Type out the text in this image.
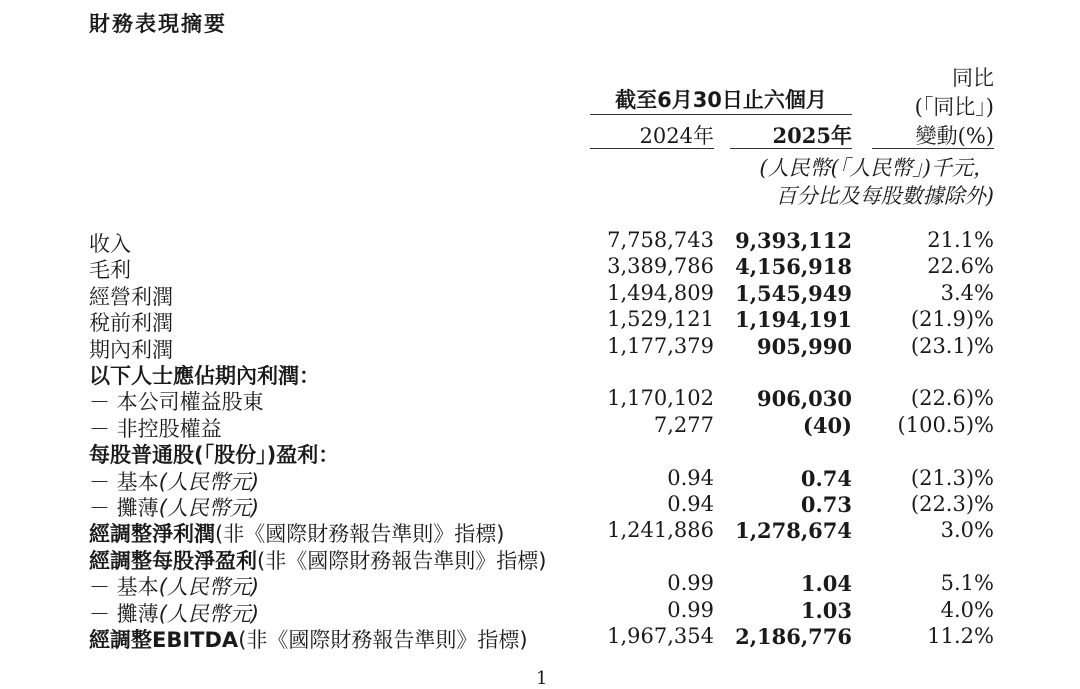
財務表現摘要
同比
(「同比」)
變動(%)
截至6月30日止六個月
2024年	2025年
(人民幣(「人民幣」)千元，
百分比及每股數據除外)
收入	7,758,743 9,393,112	21.1%
毛利	3,389,786 4,156,918	22.6%
經營利潤	1,494,809 1,545,949	3.4%
稅前利潤	1,529,121 1,194,191	(21.9)%
期內利潤	1,177,379 905,990	(23.1)%
以下人士應佔期內利潤：
－ 本公司權益股東	1,170,102 906,030	(22.6)%
－ 非控股權益	7,277	(40) (100.5)%
每股普通股(「股份」)盈利：
－ 基本(人民幣元)	0.94	0.74	(21.3)%
－ 攤薄(人民幣元)	0.94	0.73	(22.3)%
經調整淨利潤(非《國際財務報告準則》指標)	1,241,886 1,278,674	3.0%
經調整每股淨盈利(非《國際財務報告準則》指標)
－ 基本(人民幣元)	0.99	1.04	5.1%
－ 攤薄(人民幣元)	0.99	1.03	4.0%
經調整EBITDA(非《國際財務報告準則》指標)	1,967,354 2,186,776	11.2%
1
